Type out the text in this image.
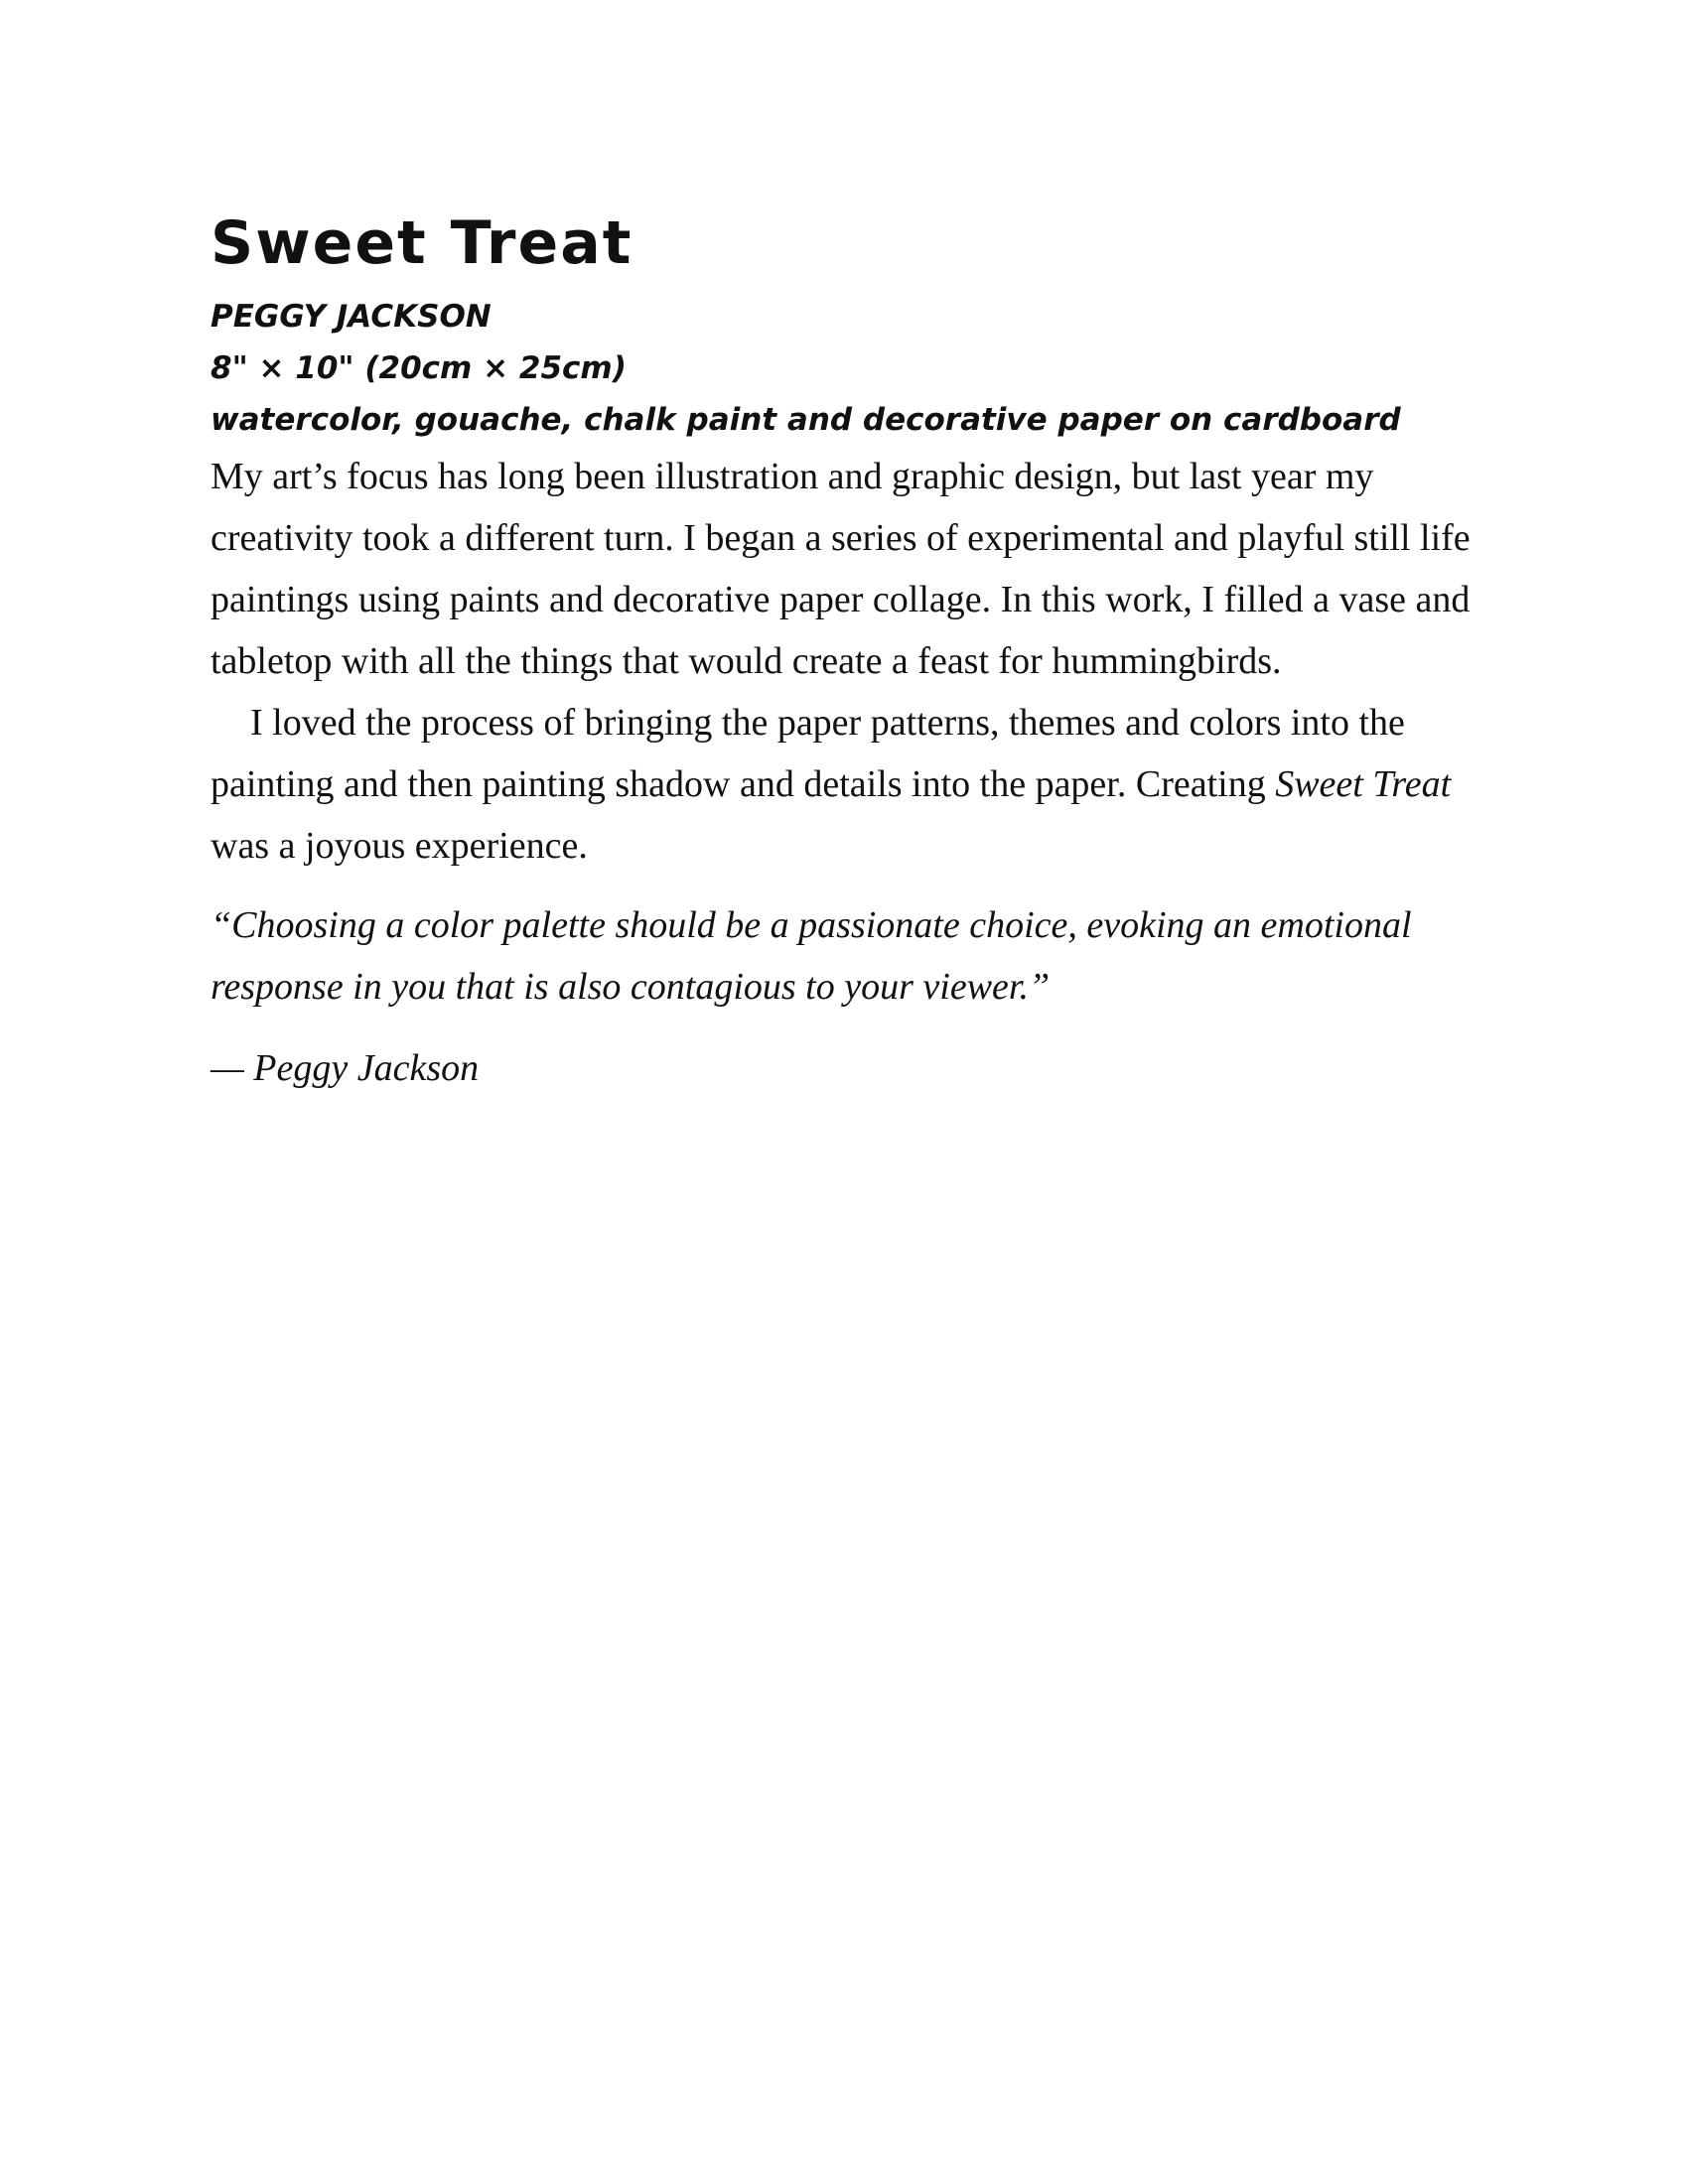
Sweet Treat

PEGGY JACKSON

8" × 10" (20cm × 25cm)

watercolor, gouache, chalk paint and decorative paper on cardboard

My art’s focus has long been illustration and graphic design, but last year my creativity took a different turn. I began a series of experimental and playful still life paintings using paints and decorative paper collage. In this work, I filled a vase and tabletop with all the things that would create a feast for hummingbirds.

I loved the process of bringing the paper patterns, themes and colors into the painting and then painting shadow and details into the paper. Creating Sweet Treat was a joyous experience.

“Choosing a color palette should be a passionate choice, evoking an emotional response in you that is also contagious to your viewer.”

— Peggy Jackson
